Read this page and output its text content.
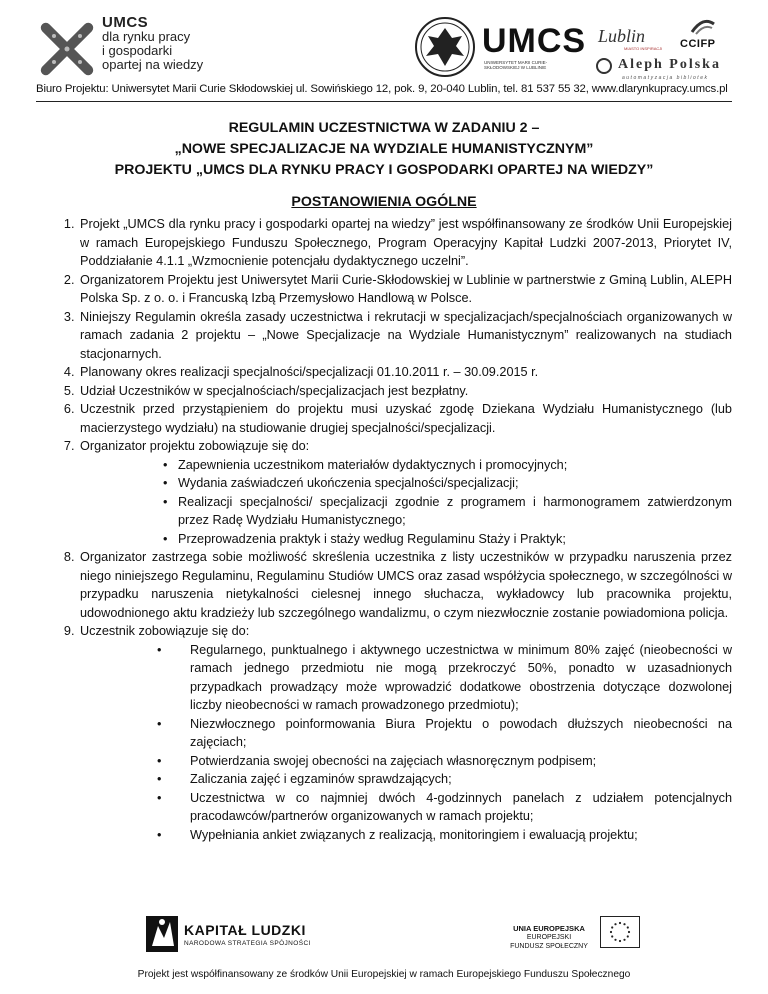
UMCS
dla rynku pracy
i gospodarki
opartej na wiedzy
UMCS
UNIWERSYTET MARII CURIE-SKŁODOWSKIEJ W LUBLINIE
Lublin
MIASTO INSPIRACJI CCIFP
Aleph Polska
automatyzacja bibliotek
Biuro Projektu: Uniwersytet Marii Curie Skłodowskiej ul. Sowińskiego 12, pok. 9, 20-040 Lublin, tel. 81 537 55 32, www.dlarynkupracy.umcs.pl
REGULAMIN UCZESTNICTWA W ZADANIU 2 –
„NOWE SPECJALIZACJE NA WYDZIALE HUMANISTYCZNYM”
PROJEKTU „UMCS DLA RYNKU PRACY I GOSPODARKI OPARTEJ NA WIEDZY”
POSTANOWIENIA OGÓLNE
1. Projekt „UMCS dla rynku pracy i gospodarki opartej na wiedzy” jest współfinansowany ze środków Unii Europejskiej w ramach Europejskiego Funduszu Społecznego, Program Operacyjny Kapitał Ludzki 2007-2013, Priorytet IV, Poddziałanie 4.1.1 „Wzmocnienie potencjału dydaktycznego uczelni”.
2. Organizatorem Projektu jest Uniwersytet Marii Curie-Skłodowskiej w Lublinie w partnerstwie z Gminą Lublin, ALEPH Polska Sp. z o. o. i Francuską Izbą Przemysłowo Handlową w Polsce.
3. Niniejszy Regulamin określa zasady uczestnictwa i rekrutacji w specjalizacjach/specjalnościach organizowanych w ramach zadania 2 projektu – „Nowe Specjalizacje na Wydziale Humanistycznym” realizowanych na studiach stacjonarnych.
4. Planowany okres realizacji specjalności/specjalizacji 01.10.2011 r. – 30.09.2015 r.
5. Udział Uczestników w specjalnościach/specjalizacjach jest bezpłatny.
6. Uczestnik przed przystąpieniem do projektu musi uzyskać zgodę Dziekana Wydziału Humanistycznego (lub macierzystego wydziału) na studiowanie drugiej specjalności/specjalizacji.
7. Organizator projektu zobowiązuje się do:
• Zapewnienia uczestnikom materiałów dydaktycznych i promocyjnych;
• Wydania zaświadczeń ukończenia specjalności/specjalizacji;
• Realizacji specjalności/ specjalizacji zgodnie z programem i harmonogramem zatwierdzonym przez Radę Wydziału Humanistycznego;
• Przeprowadzenia praktyk i staży według Regulaminu Staży i Praktyk;
8. Organizator zastrzega sobie możliwość skreślenia uczestnika z listy uczestników w przypadku naruszenia przez niego niniejszego Regulaminu, Regulaminu Studiów UMCS oraz zasad współżycia społecznego, w szczególności w przypadku naruszenia nietykalności cielesnej innego słuchacza, wykładowcy lub pracownika projektu, udowodnionego aktu kradzieży lub szczególnego wandalizmu, o czym niezwłocznie zostanie powiadomiona policja.
9. Uczestnik zobowiązuje się do:
•	Regularnego, punktualnego i aktywnego uczestnictwa w minimum 80% zajęć (nieobecności w ramach jednego przedmiotu nie mogą przekroczyć 50%, ponadto w uzasadnionych przypadkach prowadzący może wprowadzić dodatkowe obostrzenia dotyczące dozwolonej liczby nieobecności w ramach prowadzonego przedmiotu);
•	Niezwłocznego poinformowania Biura Projektu o powodach dłuższych nieobecności na zajęciach;
•	Potwierdzania swojej obecności na zajęciach własnoręcznym podpisem;
•	Zaliczania zajęć i egzaminów sprawdzających;
•	Uczestnictwa w co najmniej dwóch 4-godzinnych panelach z udziałem potencjalnych pracodawców/partnerów organizowanych w ramach projektu;
•	Wypełniania ankiet związanych z realizacją, monitoringiem i ewaluacją projektu;
KAPITAŁ LUDZKI
NARODOWA STRATEGIA SPÓJNOŚCI
UNIA EUROPEJSKA
EUROPEJSKI
FUNDUSZ SPOŁECZNY
Projekt jest współfinansowany ze środków Unii Europejskiej w ramach Europejskiego Funduszu Społecznego
